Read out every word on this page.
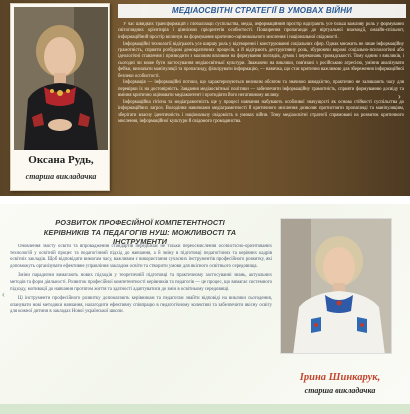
Оксана Рудь,
старша викладачка
МЕДІАОСВІТНІ СТРАТЕГІЇ В УМОВАХ ВІЙНИ

У час швидких трансформацій і глобалізації суспільства, медіа, інформаційний простір відіграють усе більш важливу роль у формуванні світоглядних орієнтирів і ціннісних пріоритетів особистості. Поширення пропаганди до віртуальної взаємодії, онлайн-спільнот, інформаційний простір вплинув на формування критично-оцінювального мислення і національної свідомості.

Інформаційні технології відіграють усе ширшу роль у відтворенні і конструюванні соціальних сфер. Однак множить не лише інформаційну грамотність, сприяти розбудові демократичних процесів, а й відіграють деструктивну роль, збурюючи ворожі соціально-психологічні або ідеологічні ставлення і призводити з масовим впливом на формування поглядів, думок і переконань громадськості. Тому одним з викликів, і сьогодні чи може бути застосування медіаосвітньої культури. Зважаючи на виклики, пов'язані з російською агресією, уміння аналізувати фейки, визначати маніпуляції та пропаганду, фільтрувати інформацію, — навичка, що стає критично важливою для збереження інформаційної безпеки особистості.

Інформація — інформаційні потоки, що характеризуються великим обсягом та значною швидкістю, практично не залишають часу для перевірки їх на достовірність. Завдання медіаосвітньої політики — забезпечити інформаційну грамотність, сприяти формуванню досвіду та вміння критично оцінювати медіаконтент і протидіяти його негативному впливу.

Інформаційна гігієна та медіаграмотність ще у процесі навчання набувають особливої значущості як основа стійкості суспільства до інформаційних загроз. Володіння навичками медіаграмотності й критичного мислення дозволяє протистояти пропаганді та маніпуляціям, зберігати власну ідентичність і національну свідомість в умовах війни. Тому медіаосвітні стратегії спрямовані на розвиток критичного мислення, інформаційної культури й свідомого громадянства.

›
РОЗВИТОК ПРОФЕСІЙНОЇ КОМПЕТЕНТНОСТІ КЕРІВНИКІВ ТА ПЕДАГОГІВ НУШ: МОЖЛИВОСТІ ТА ІНСТРУМЕНТИ

Оновлення змісту освіти та впровадження стандартів передбачає не тільки переосмислення особистісно-орієнтованих технологій у освітній процес та педагогічний підхід до навчання, а й зміну в підготовці педагогічних та керівних кадрів освітніх закладів. Щоб відповідати вимогам часу, важливим є використання сучасних інструментів професійного розвитку, які допоможуть організувати ефективне управління закладом освіти та створити умови для якісного освітнього середовища.

Зміни парадигми вимагають нових підходів у теоретичній підготовці та практичному застосуванні знань, актуальних методів та форм діяльності. Розвиток професійної компетентності керівників та педагогів — це процес, що вимагає системного підходу, мотивації до навчання протягом життя та здатності адаптуватися до змін в освітньому середовищі.

Ці інструменти професійного розвитку допомагають керівникам та педагогам знайти відповіді на виклики сьогодення, опанувати нові методики навчання, налагодити ефективну співпрацю в педагогічному колективі та забезпечити якісну освіту для кожної дитини в закладах Нової української школи.

‹
Ірина Шинкарук,
старша викладачка
